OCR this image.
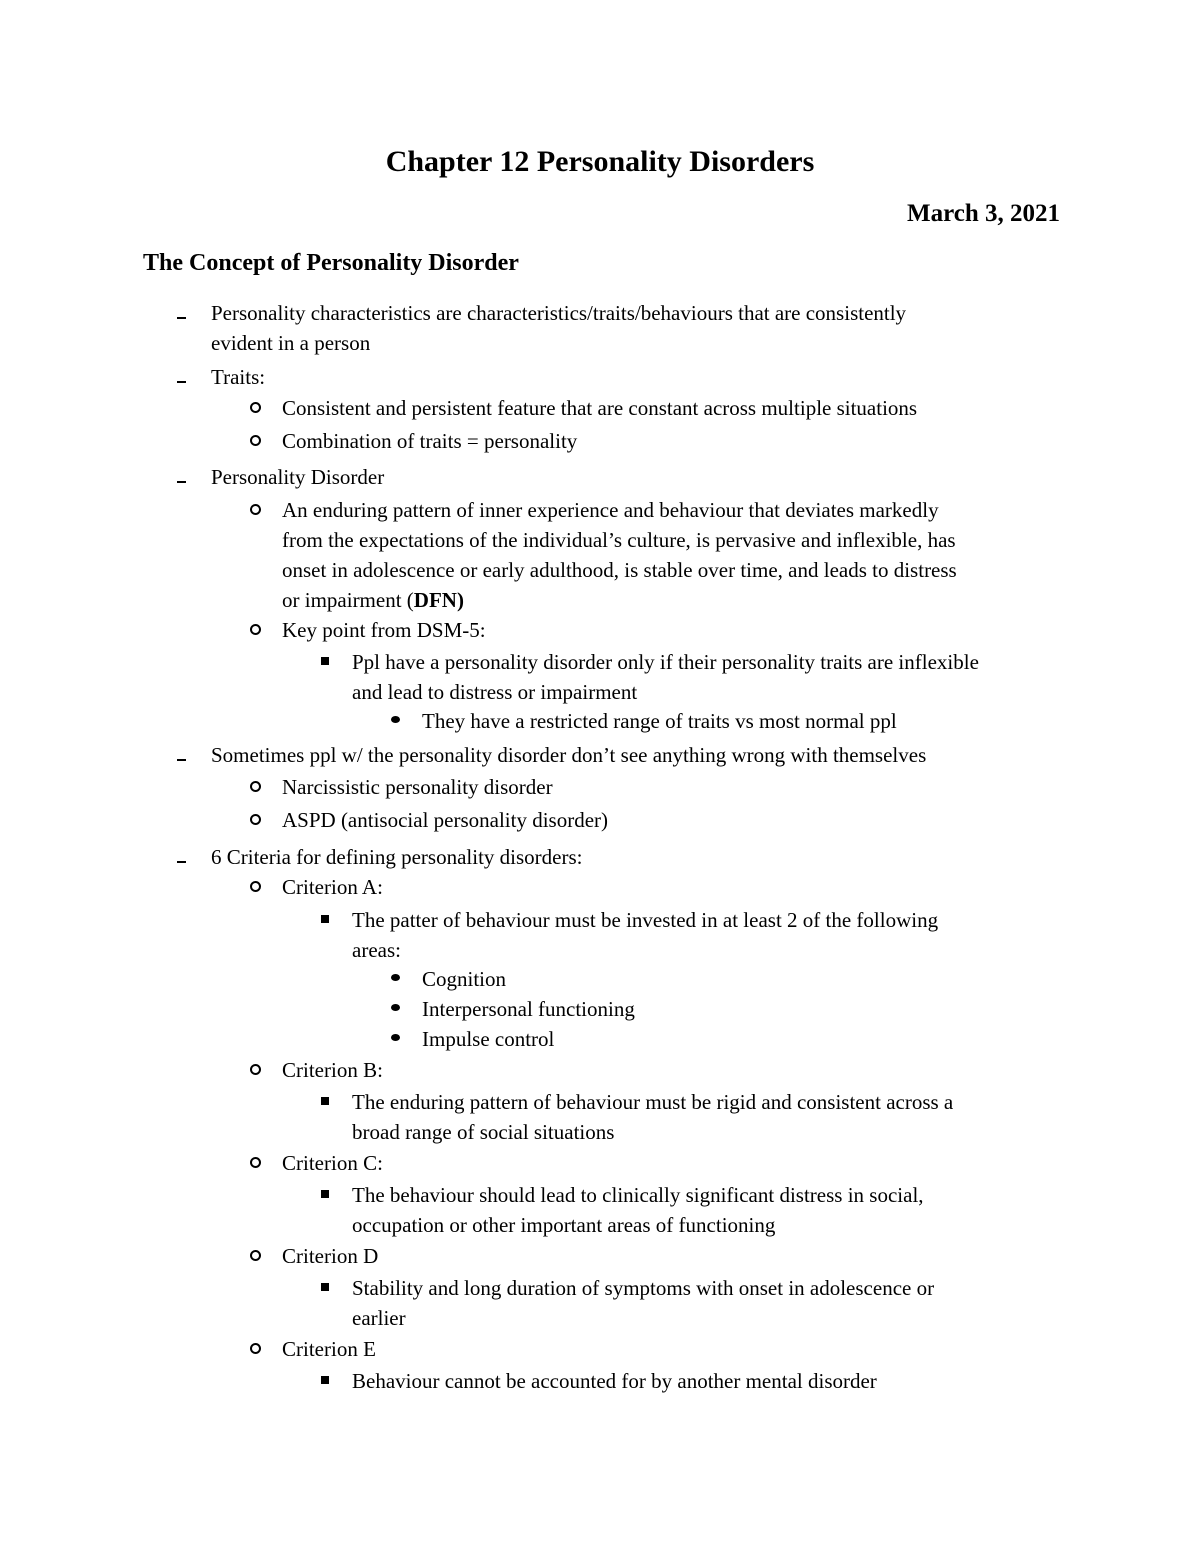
Chapter 12 Personality Disorders
March 3, 2021
The Concept of Personality Disorder
Personality characteristics are characteristics/traits/behaviours that are consistently
evident in a person
Traits:
Consistent and persistent feature that are constant across multiple situations
Combination of traits = personality
Personality Disorder
An enduring pattern of inner experience and behaviour that deviates markedly
from the expectations of the individual’s culture, is pervasive and inflexible, has
onset in adolescence or early adulthood, is stable over time, and leads to distress
or impairment (DFN)
Key point from DSM-5:
Ppl have a personality disorder only if their personality traits are inflexible
and lead to distress or impairment
They have a restricted range of traits vs most normal ppl
Sometimes ppl w/ the personality disorder don’t see anything wrong with themselves
Narcissistic personality disorder
ASPD (antisocial personality disorder)
6 Criteria for defining personality disorders:
Criterion A:
The patter of behaviour must be invested in at least 2 of the following
areas:
Cognition
Interpersonal functioning
Impulse control
Criterion B:
The enduring pattern of behaviour must be rigid and consistent across a
broad range of social situations
Criterion C:
The behaviour should lead to clinically significant distress in social,
occupation or other important areas of functioning
Criterion D
Stability and long duration of symptoms with onset in adolescence or
earlier
Criterion E
Behaviour cannot be accounted for by another mental disorder
